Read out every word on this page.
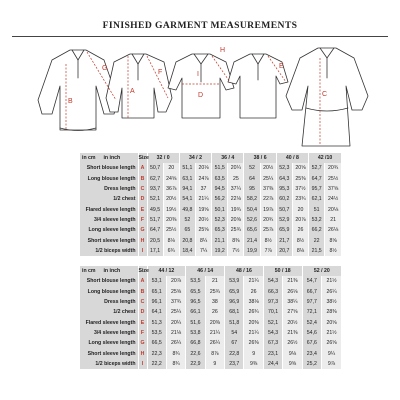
FINISHED GARMENT MEASUREMENTS
G
B
F
A
H
I
D
E
C
in cm in inch	Size	32 / 0		34 / 2		36 / 4		38 / 6		40 / 8		42 /10	
Short blouse length	A	50,7	20	51,1	20⅛	51,5	20¼	52	20½	52,3	20⅝	52,7	20¾
Long blouse length	B	62,7	24⅝	63,1	24⅞	63,5	25	64	25¼	64,3	25⅜	64,7	25½
Dress length	C	93,7	36⅞	94,1	37	94,5	37¼	95	37⅜	95,3	37½	95,7	37⅝
1/2 chest	D	52,1	20½	54,1	21¼	56,2	22⅛	58,2	22⅞	60,2	23¾	62,1	24½
Flared sleeve length	E	49,5	19½	49,8	19⅝	50,1	19¾	50,4	19⅞	50,7	20	51	20⅛
3/4 sleeve length	F	51,7	20⅜	52	20½	52,3	20⅝	52,6	20¾	52,9	20⅞	53,2	21
Long sleeve length	G	64,7	25½	65	25⅝	65,3	25¾	65,6	25⅞	65,9	26	66,2	26⅛
Short sleeve length	H	20,5	8⅛	20,8	8¼	21,1	8⅜	21,4	8½	21,7	8½	22	8⅝
1/2 biceps width	I	17,1	6¾	18,4	7¼	19,2	7½	19,9	7⅞	20,7	8⅛	21,5	8½
in cm in inch	Size	44 / 12		46 / 14		48 / 16		50 / 18		52 / 20	
Short blouse length	A	53,1	20⅞	53,5	21	53,9	21¼	54,3	21⅜	54,7	21½
Long blouse length	B	65,1	25⅝	65,5	25¾	65,9	26	66,3	26⅛	66,7	26¼
Dress length	C	96,1	37¾	96,5	38	96,9	38⅛	97,3	38¼	97,7	38½
1/2 chest	D	64,1	25¼	66,1	26	68,1	26¾	70,1	27⅝	72,1	28⅜
Flared sleeve length	E	51,3	20¼	51,6	20⅜	51,8	20⅜	52,1	20½	52,4	20⅝
3/4 sleeve length	F	53,5	21⅛	53,8	21¼	54	21¼	54,3	21⅜	54,6	21½
Long sleeve length	G	66,5	26¼	66,8	26¼	67	26⅜	67,3	26½	67,6	26⅝
Short sleeve length	H	22,3	8¾	22,6	8⅞	22,8	9	23,1	9⅛	23,4	9¼
1/2 biceps width	I	22,2	8¾	22,9	9	23,7	9⅜	24,4	9⅝	25,2	9⅞
